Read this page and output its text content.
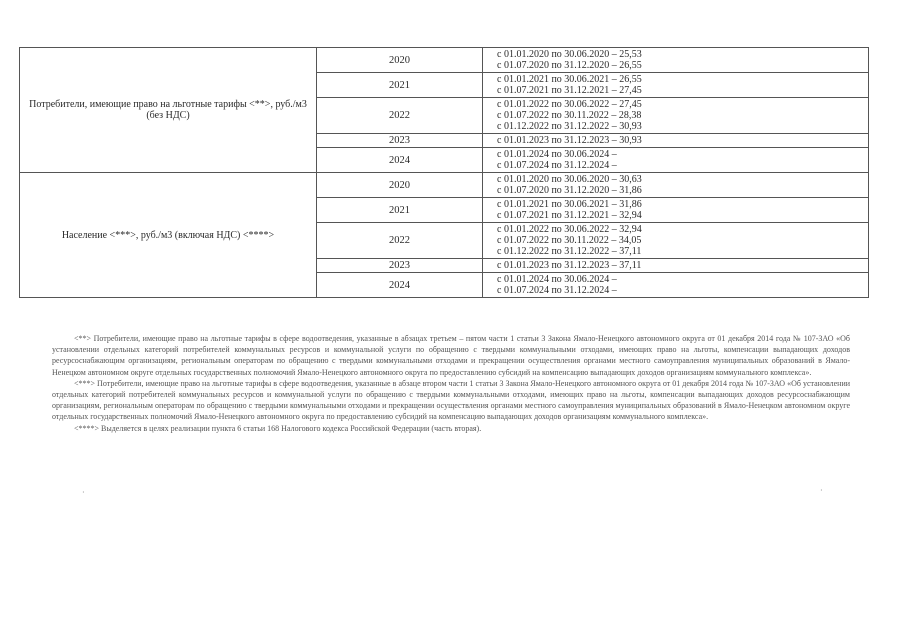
Потребители, имеющие право на льготные тарифы <**>, руб./м3 (без НДС)	2020	с 01.01.2020 по 30.06.2020 – 25,53
с 01.07.2020 по 31.12.2020 – 26,55

	2021	с 01.01.2021 по 30.06.2021 – 26,55
с 01.07.2021 по 31.12.2021 – 27,45

	2022	с 01.01.2022 по 30.06.2022 – 27,45
с 01.07.2022 по 30.11.2022 – 28,38
с 01.12.2022 по 31.12.2022 – 30,93

	2023	с 01.01.2023 по 31.12.2023 – 30,93

	2024	с 01.01.2024 по 30.06.2024 –
с 01.07.2024 по 31.12.2024 –

Население <***>, руб./м3 (включая НДС) <****>	2020	с 01.01.2020 по 30.06.2020 – 30,63
с 01.07.2020 по 31.12.2020 – 31,86

	2021	с 01.01.2021 по 30.06.2021 – 31,86
с 01.07.2021 по 31.12.2021 – 32,94

	2022	с 01.01.2022 по 30.06.2022 – 32,94
с 01.07.2022 по 30.11.2022 – 34,05
с 01.12.2022 по 31.12.2022 – 37,11

	2023	с 01.01.2023 по 31.12.2023 – 37,11

	2024	с 01.01.2024 по 30.06.2024 –
с 01.07.2024 по 31.12.2024 –

<**> Потребители, имеющие право на льготные тарифы в сфере водоотведения, указанные в абзацах третьем – пятом части 1 статьи 3 Закона Ямало-Ненецкого автономного округа от 01 декабря 2014 года № 107-ЗАО «Об установлении отдельных категорий потребителей коммунальных ресурсов и коммунальной услуги по обращению с твердыми коммунальными отходами, имеющих право на льготы, компенсации выпадающих доходов ресурсоснабжающим организациям, региональным операторам по обращению с твердыми коммунальными отходами и прекращении осуществления органами местного самоуправления муниципальных образований в Ямало-Ненецком автономном округе отдельных государственных полномочий Ямало-Ненецкого автономного округа по предоставлению субсидий на компенсацию выпадающих доходов организациям коммунального комплекса».

<***> Потребители, имеющие право на льготные тарифы в сфере водоотведения, указанные в абзаце втором части 1 статьи 3 Закона Ямало-Ненецкого автономного округа от 01 декабря 2014 года № 107-ЗАО «Об установлении отдельных категорий потребителей коммунальных ресурсов и коммунальной услуги по обращению с твердыми коммунальными отходами, имеющих право на льготы, компенсации выпадающих доходов ресурсоснабжающим организациям, региональным операторам по обращению с твердыми коммунальными отходами и прекращении осуществления органами местного самоуправления муниципальных образований в Ямало-Ненецком автономном округе отдельных государственных полномочий Ямало-Ненецкого автономного округа по предоставлению субсидий на компенсацию выпадающих доходов организациям коммунального комплекса».

<****> Выделяется в целях реализации пункта 6 статьи 168 Налогового кодекса Российской Федерации (часть вторая).

·	·
